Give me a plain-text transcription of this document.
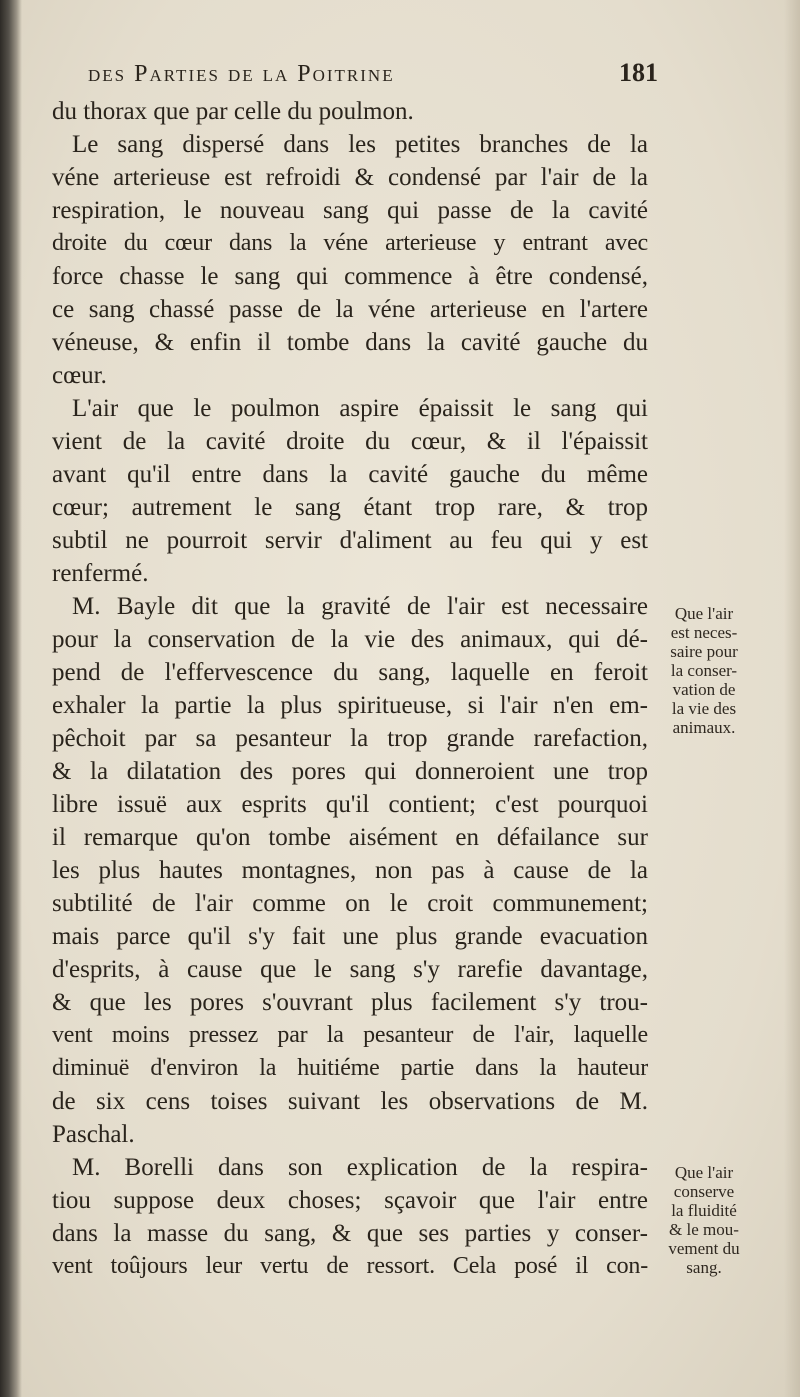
des Parties de la Poitrine	181
du thorax que par celle du poulmon.
Le sang dispersé dans les petites branches de la
véne arterieuse est refroidi & condensé par l'air de la
respiration, le nouveau sang qui passe de la cavité
droite du cœur dans la véne arterieuse y entrant avec
force chasse le sang qui commence à être condensé,
ce sang chassé passe de la véne arterieuse en l'artere
véneuse, & enfin il tombe dans la cavité gauche du
cœur.
L'air que le poulmon aspire épaissit le sang qui
vient de la cavité droite du cœur, & il l'épaissit
avant qu'il entre dans la cavité gauche du même
cœur; autrement le sang étant trop rare, & trop
subtil ne pourroit servir d'aliment au feu qui y est
renfermé.
M. Bayle dit que la gravité de l'air est necessaire
pour la conservation de la vie des animaux, qui dé-
pend de l'effervescence du sang, laquelle en feroit
exhaler la partie la plus spiritueuse, si l'air n'en em-
pêchoit par sa pesanteur la trop grande rarefaction,
& la dilatation des pores qui donneroient une trop
libre issuë aux esprits qu'il contient; c'est pourquoi
il remarque qu'on tombe aisément en défailance sur
les plus hautes montagnes, non pas à cause de la
subtilité de l'air comme on le croit communement;
mais parce qu'il s'y fait une plus grande evacuation
d'esprits, à cause que le sang s'y rarefie davantage,
& que les pores s'ouvrant plus facilement s'y trou-
vent moins pressez par la pesanteur de l'air, laquelle
diminuë d'environ la huitiéme partie dans la hauteur
de six cens toises suivant les observations de M.
Paschal.
M. Borelli dans son explication de la respira-
tiou suppose deux choses; sçavoir que l'air entre
dans la masse du sang, & que ses parties y conser-
vent toûjours leur vertu de ressort. Cela posé il con-
Que l'air
est neces-
saire pour
la conser-
vation de
la vie des
animaux.
Que l'air
conserve
la fluidité
& le mou-
vement du
sang.
